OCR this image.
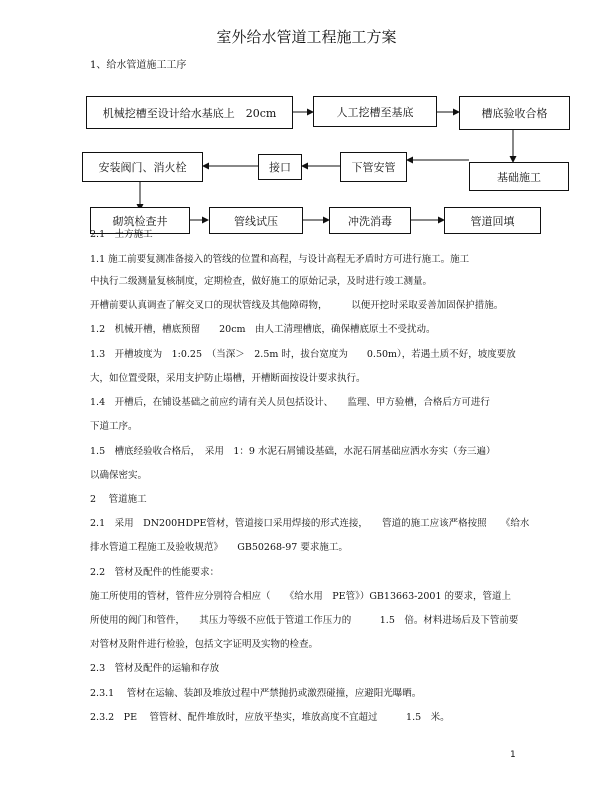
室外给水管道工程施工方案
1、给水管道施工工序
机械挖槽至设计给水基底上　20cm	人工挖槽至基底	槽底验收合格
安装阀门、消火栓	接口	下管安管
基础施工
砌筑检查井	管线试压	冲洗消毒	管道回填
2.1　土方施工
1.1 施工前要复测准备接入的管线的位置和高程，与设计高程无矛盾时方可进行施工。施工
中执行二级测量复核制度，定期检查，做好施工的原始记录，及时进行竣工测量。
开槽前要认真调查了解交叉口的现状管线及其他障碍物，　　　以便开挖时采取妥善加固保护措施。
1.2　机械开槽，槽底预留　　20cm　由人工清理槽底，确保槽底原土不受扰动。
1.3　开槽坡度为　1:0.25　（当深＞　2.5m 时，拔台宽度为　　0.50m），若遇土质不好，坡度要放
大，如位置受限，采用支护防止塌槽，开槽断面按设计要求执行。
1.4　开槽后，在铺设基础之前应约请有关人员包括设计、　　监理、甲方验槽，合格后方可进行
下道工序。
1.5　槽底经验收合格后，　采用　1：9 水泥石屑铺设基础，水泥石屑基础应洒水夯实（夯三遍）
以确保密实。
2　 管道施工
2.1　采用　DN200HDPE管材，管道接口采用焊接的形式连接，　　管道的施工应该严格按照　　《给水
排水管道工程施工及验收规范》　　GB50268-97 要求施工。
2.2　管材及配件的性能要求：
施工所使用的管材，管件应分别符合相应（　　《给水用　PE管》）GB13663-2001 的要求，管道上
所使用的阀门和管件，　　其压力等级不应低于管道工作压力的　　　1.5　倍。材料进场后及下管前要
对管材及附件进行检验，包括文字证明及实物的检查。
2.3　管材及配件的运输和存放
2.3.1　 管材在运输、装卸及堆放过程中严禁抛扔或激烈碰撞，应避阳光曝晒。
2.3.2　PE　 管管材、配件堆放时，应放平垫实，堆放高度不宜超过　　　1.5　米。
1
